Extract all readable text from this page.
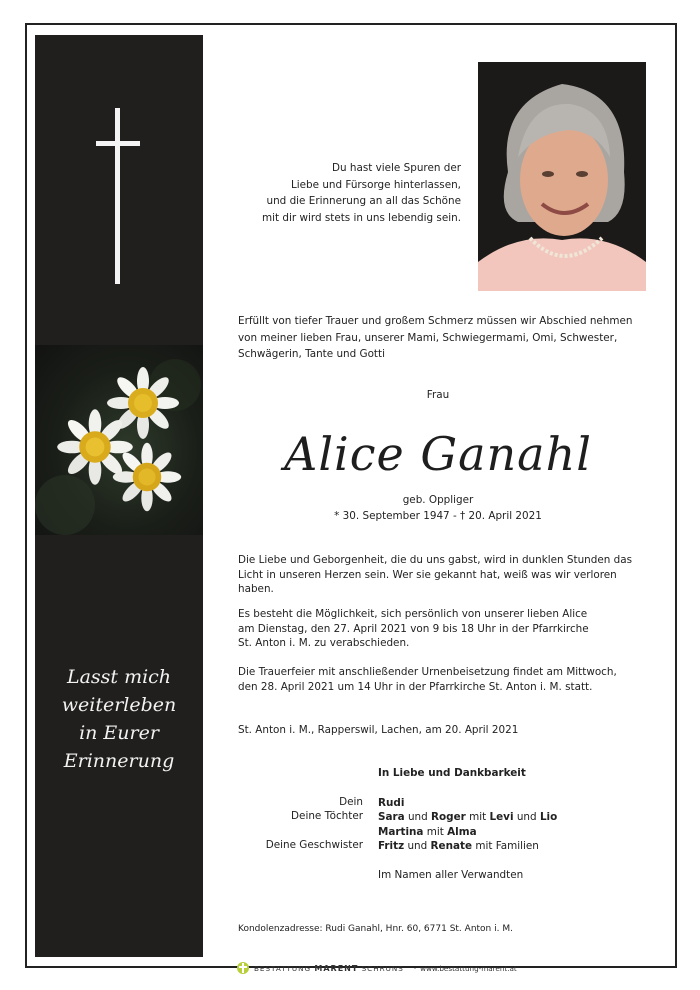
Lasst mich
weiterleben
in Eurer
Erinnerung
Du hast viele Spuren der
Liebe und Fürsorge hinterlassen,
und die Erinnerung an all das Schöne
mit dir wird stets in uns lebendig sein.
Erfüllt von tiefer Trauer und großem Schmerz müssen wir Abschied nehmen
von meiner lieben Frau, unserer Mami, Schwiegermami, Omi, Schwester,
Schwägerin, Tante und Gotti
Frau
Alice Ganahl
geb. Oppliger
* 30. September 1947 - † 20. April 2021
Die Liebe und Geborgenheit, die du uns gabst, wird in dunklen Stunden das
Licht in unseren Herzen sein. Wer sie gekannt hat, weiß was wir verloren
haben.
Es besteht die Möglichkeit, sich persönlich von unserer lieben Alice
am Dienstag, den 27. April 2021 von 9 bis 18 Uhr in der Pfarrkirche
St. Anton i. M. zu verabschieden.
Die Trauerfeier mit anschließender Urnenbeisetzung findet am Mittwoch,
den 28. April 2021 um 14 Uhr in der Pfarrkirche St. Anton i. M. statt.
St. Anton i. M., Rapperswil, Lachen, am 20. April 2021
In Liebe und Dankbarkeit
Dein Rudi
Deine Töchter Sara und Roger mit Levi und Lio
Martina mit Alma
Deine Geschwister Fritz und Renate mit Familien
Im Namen aller Verwandten
Kondolenzadresse: Rudi Ganahl, Hnr. 60, 6771 St. Anton i. M.
BESTATTUNG MARENT SCHRUNS · www.bestattung-marent.at
